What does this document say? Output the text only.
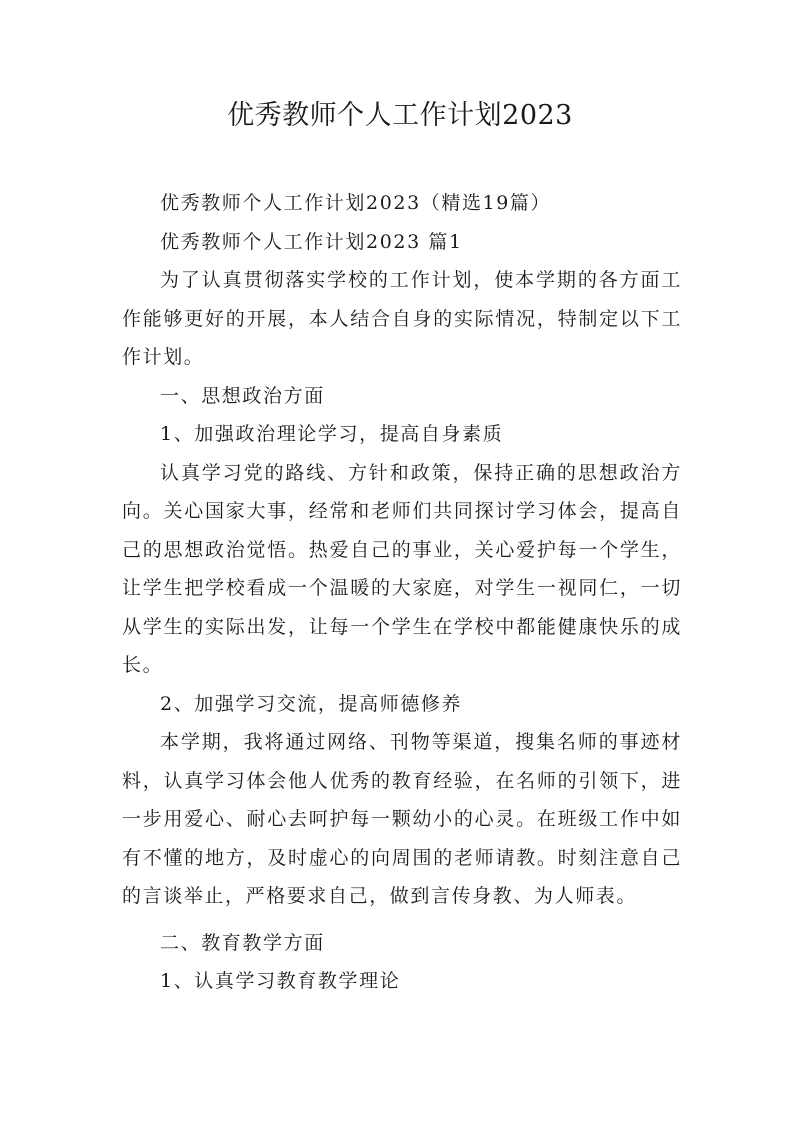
优秀教师个人工作计划2023

优秀教师个人工作计划2023（精选19篇）

优秀教师个人工作计划2023 篇1

为了认真贯彻落实学校的工作计划，使本学期的各方面工作能够更好的开展，本人结合自身的实际情况，特制定以下工作计划。

一、思想政治方面

1、加强政治理论学习，提高自身素质

认真学习党的路线、方针和政策，保持正确的思想政治方向。关心国家大事，经常和老师们共同探讨学习体会，提高自己的思想政治觉悟。热爱自己的事业，关心爱护每一个学生，让学生把学校看成一个温暖的大家庭，对学生一视同仁，一切从学生的实际出发，让每一个学生在学校中都能健康快乐的成长。

2、加强学习交流，提高师德修养

本学期，我将通过网络、刊物等渠道，搜集名师的事迹材料，认真学习体会他人优秀的教育经验，在名师的引领下，进一步用爱心、耐心去呵护每一颗幼小的心灵。在班级工作中如有不懂的地方，及时虚心的向周围的老师请教。时刻注意自己的言谈举止，严格要求自己，做到言传身教、为人师表。

二、教育教学方面

1、认真学习教育教学理论
